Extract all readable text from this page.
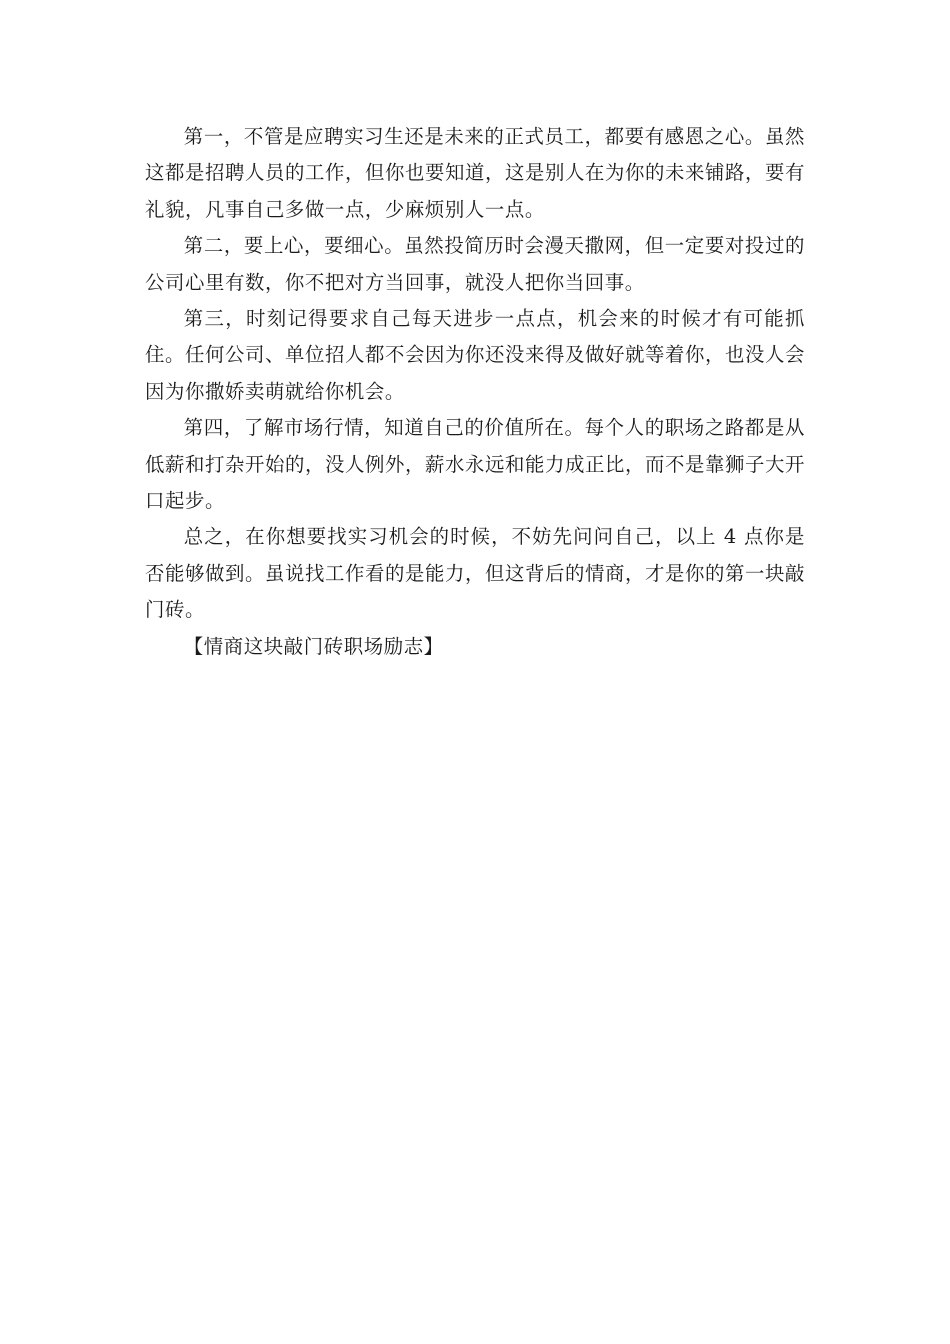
第一，不管是应聘实习生还是未来的正式员工，都要有感恩之心。虽然这都是招聘人员的工作，但你也要知道，这是别人在为你的未来铺路，要有礼貌，凡事自己多做一点，少麻烦别人一点。

第二，要上心，要细心。虽然投简历时会漫天撒网，但一定要对投过的公司心里有数，你不把对方当回事，就没人把你当回事。

第三，时刻记得要求自己每天进步一点点，机会来的时候才有可能抓住。任何公司、单位招人都不会因为你还没来得及做好就等着你，也没人会因为你撒娇卖萌就给你机会。

第四，了解市场行情，知道自己的价值所在。每个人的职场之路都是从低薪和打杂开始的，没人例外，薪水永远和能力成正比，而不是靠狮子大开口起步。

总之，在你想要找实习机会的时候，不妨先问问自己，以上 4 点你是否能够做到。虽说找工作看的是能力，但这背后的情商，才是你的第一块敲门砖。

【情商这块敲门砖职场励志】
